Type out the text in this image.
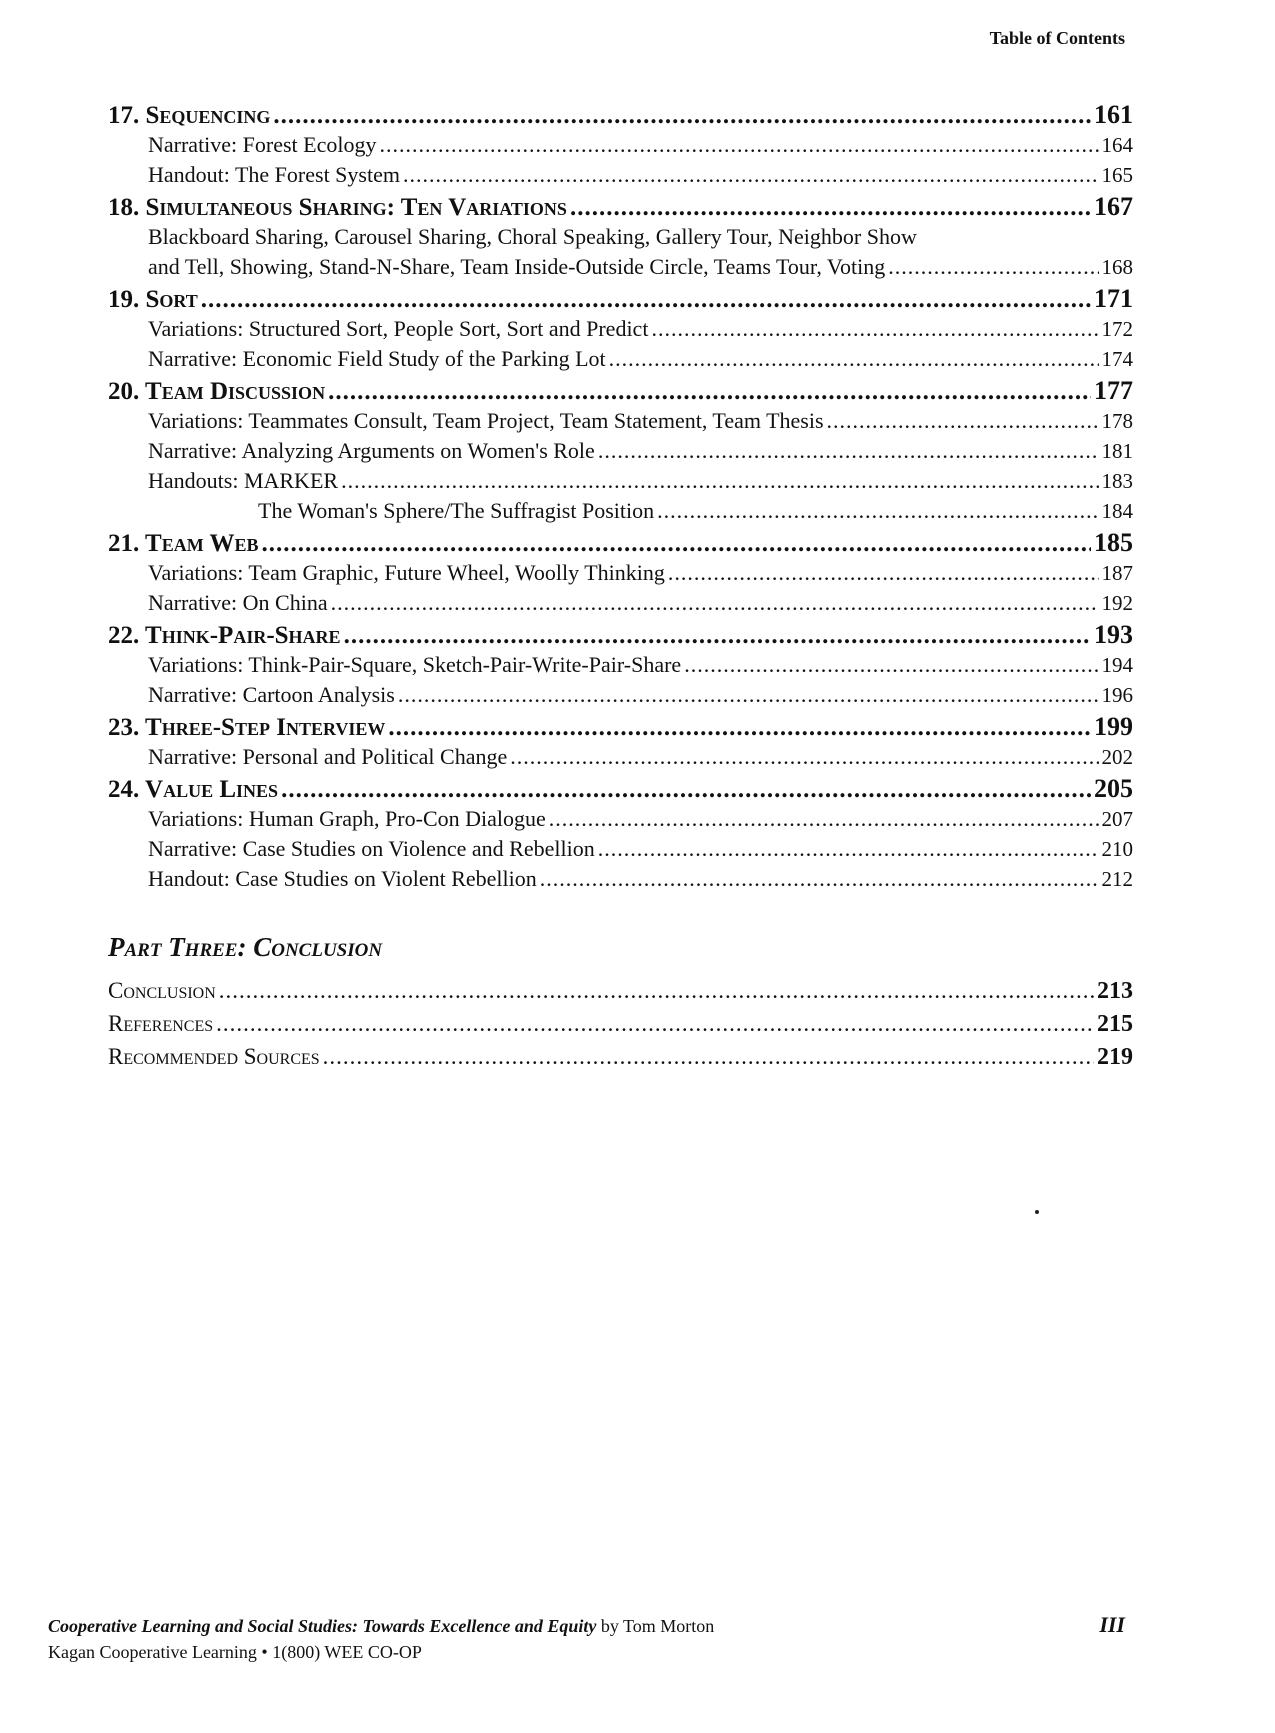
Table of Contents
17. Sequencing .....	161
Narrative: Forest Ecology .....	164
Handout: The Forest System .....	165
18. Simultaneous Sharing: Ten Variations .....	167
Blackboard Sharing, Carousel Sharing, Choral Speaking, Gallery Tour, Neighbor Show
and Tell, Showing, Stand-N-Share, Team Inside-Outside Circle, Teams Tour, Voting .....	168
19. Sort .....	171
Variations: Structured Sort, People Sort, Sort and Predict .....	172
Narrative: Economic Field Study of the Parking Lot .....	174
20. Team Discussion .....	177
Variations: Teammates Consult, Team Project, Team Statement, Team Thesis .....	178
Narrative: Analyzing Arguments on Women's Role .....	181
Handouts: MARKER .....	183
The Woman's Sphere/The Suffragist Position .....	184
21. Team Web .....	185
Variations: Team Graphic, Future Wheel, Woolly Thinking .....	187
Narrative: On China .....	192
22. Think-Pair-Share .....	193
Variations: Think-Pair-Square, Sketch-Pair-Write-Pair-Share .....	194
Narrative: Cartoon Analysis .....	196
23. Three-Step Interview .....	199
Narrative: Personal and Political Change .....	202
24. Value Lines .....	205
Variations: Human Graph, Pro-Con Dialogue .....	207
Narrative: Case Studies on Violence and Rebellion .....	210
Handout: Case Studies on Violent Rebellion .....	212
Part Three: Conclusion
Conclusion .....	213
References .....	215
Recommended Sources .....	219
Cooperative Learning and Social Studies: Towards Excellence and Equity by Tom Morton
Kagan Cooperative Learning • 1(800) WEE CO-OP
III
